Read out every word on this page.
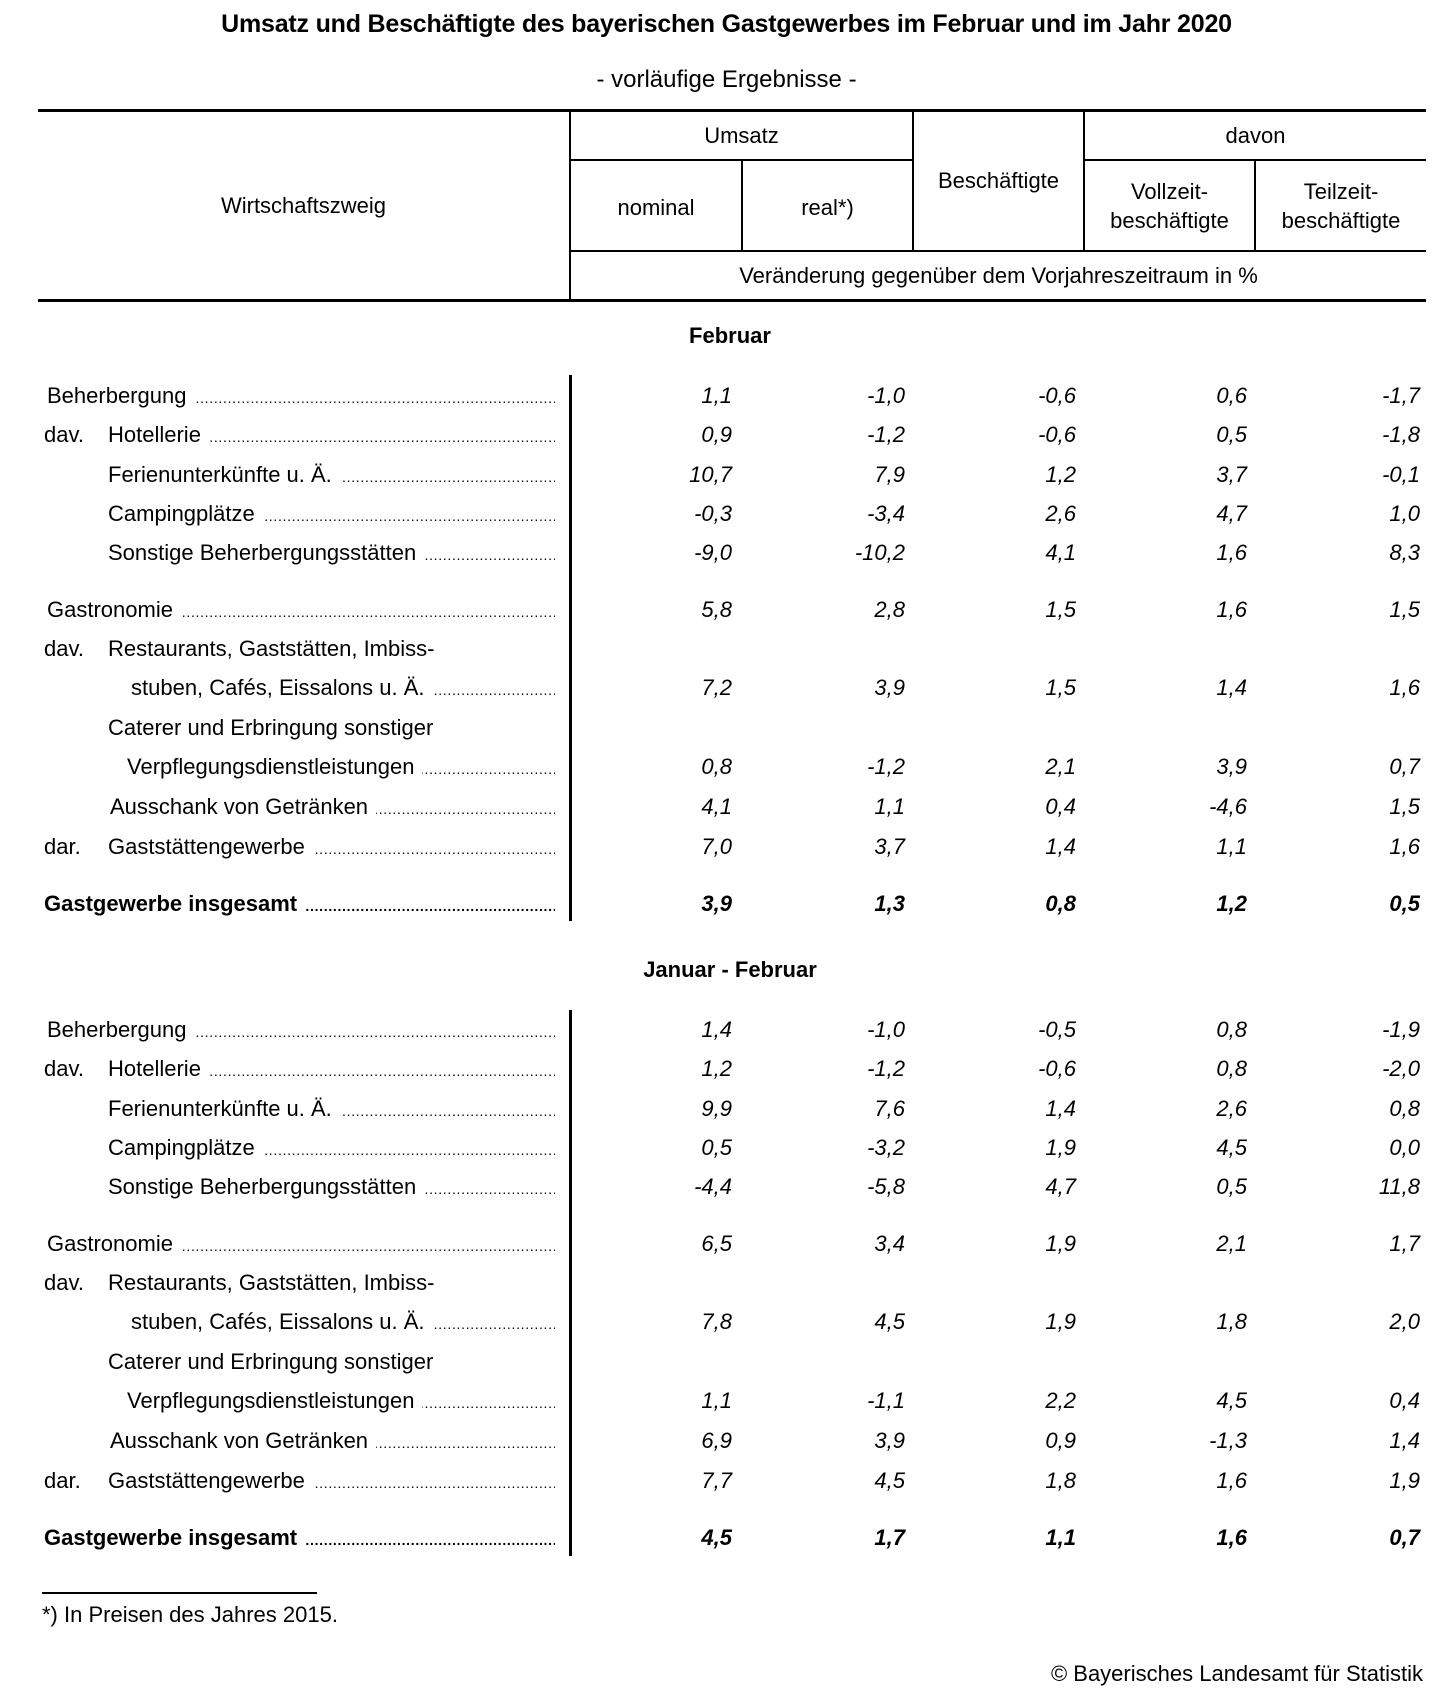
Umsatz und Beschäftigte des bayerischen Gastgewerbes im Februar und im Jahr 2020
- vorläufige Ergebnisse -
Wirtschaftszweig
Umsatz
nominal	real*)
Beschäftigte
davon
Vollzeit-
beschäftigte
Teilzeit-
beschäftigte
Veränderung gegenüber dem Vorjahreszeitraum in %
Februar
Beherbergung . . .	1,1	-1,0	-0,6	0,6	-1,7
dav. Hotellerie . . .	0,9	-1,2	-0,6	0,5	-1,8
Ferienunterkünfte u. Ä. . . .	10,7	7,9	1,2	3,7	-0,1
Campingplätze . . .	-0,3	-3,4	2,6	4,7	1,0
Sonstige Beherbergungsstätten . . .	-9,0	-10,2	4,1	1,6	8,3
Gastronomie . . .	5,8	2,8	1,5	1,6	1,5
dav. Restaurants, Gaststätten, Imbiss-
stuben, Cafés, Eissalons u. Ä. . . .	7,2	3,9	1,5	1,4	1,6
Caterer und Erbringung sonstiger
Verpflegungsdienstleistungen . . .	0,8	-1,2	2,1	3,9	0,7
Ausschank von Getränken . . .	4,1	1,1	0,4	-4,6	1,5
dar. Gaststättengewerbe . . .	7,0	3,7	1,4	1,1	1,6
Gastgewerbe insgesamt . . .	3,9	1,3	0,8	1,2	0,5
Januar - Februar
Beherbergung . . .	1,4	-1,0	-0,5	0,8	-1,9
dav. Hotellerie . . .	1,2	-1,2	-0,6	0,8	-2,0
Ferienunterkünfte u. Ä. . . .	9,9	7,6	1,4	2,6	0,8
Campingplätze . . .	0,5	-3,2	1,9	4,5	0,0
Sonstige Beherbergungsstätten . . .	-4,4	-5,8	4,7	0,5	11,8
Gastronomie . . .	6,5	3,4	1,9	2,1	1,7
dav. Restaurants, Gaststätten, Imbiss-
stuben, Cafés, Eissalons u. Ä. . . .	7,8	4,5	1,9	1,8	2,0
Caterer und Erbringung sonstiger
Verpflegungsdienstleistungen . . .	1,1	-1,1	2,2	4,5	0,4
Ausschank von Getränken . . .	6,9	3,9	0,9	-1,3	1,4
dar. Gaststättengewerbe . . .	7,7	4,5	1,8	1,6	1,9
Gastgewerbe insgesamt . . .	4,5	1,7	1,1	1,6	0,7
*) In Preisen des Jahres 2015.
© Bayerisches Landesamt für Statistik
